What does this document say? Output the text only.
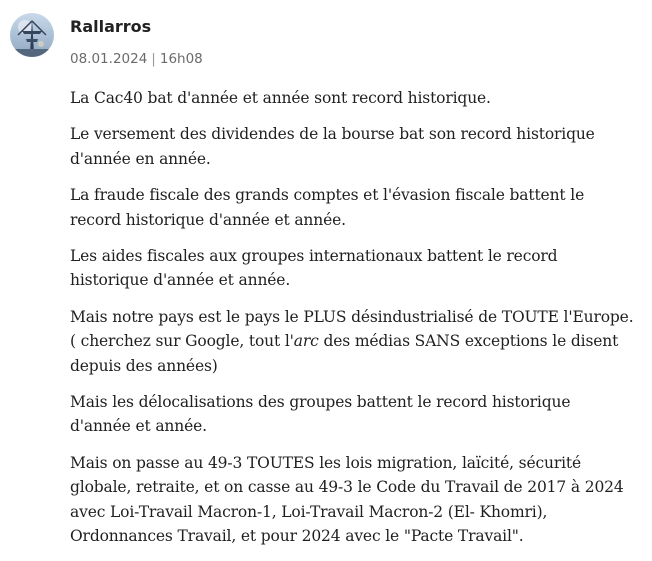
Rallarros
08.01.2024 | 16h08

La Cac40 bat d'année et année sont record historique.

Le versement des dividendes de la bourse bat son record historique
d'année en année.

La fraude fiscale des grands comptes et l'évasion fiscale battent le
record historique d'année et année.

Les aides fiscales aux groupes internationaux battent le record
historique d'année et année.

Mais notre pays est le pays le PLUS désindustrialisé de TOUTE l'Europe.
( cherchez sur Google, tout l'arc des médias SANS exceptions le disent
depuis des années)

Mais les délocalisations des groupes battent le record historique
d'année et année.

Mais on passe au 49-3 TOUTES les lois migration, laïcité, sécurité
globale, retraite, et on casse au 49-3 le Code du Travail de 2017 à 2024
avec Loi-Travail Macron-1, Loi-Travail Macron-2 (El- Khomri),
Ordonnances Travail, et pour 2024 avec le "Pacte Travail".
